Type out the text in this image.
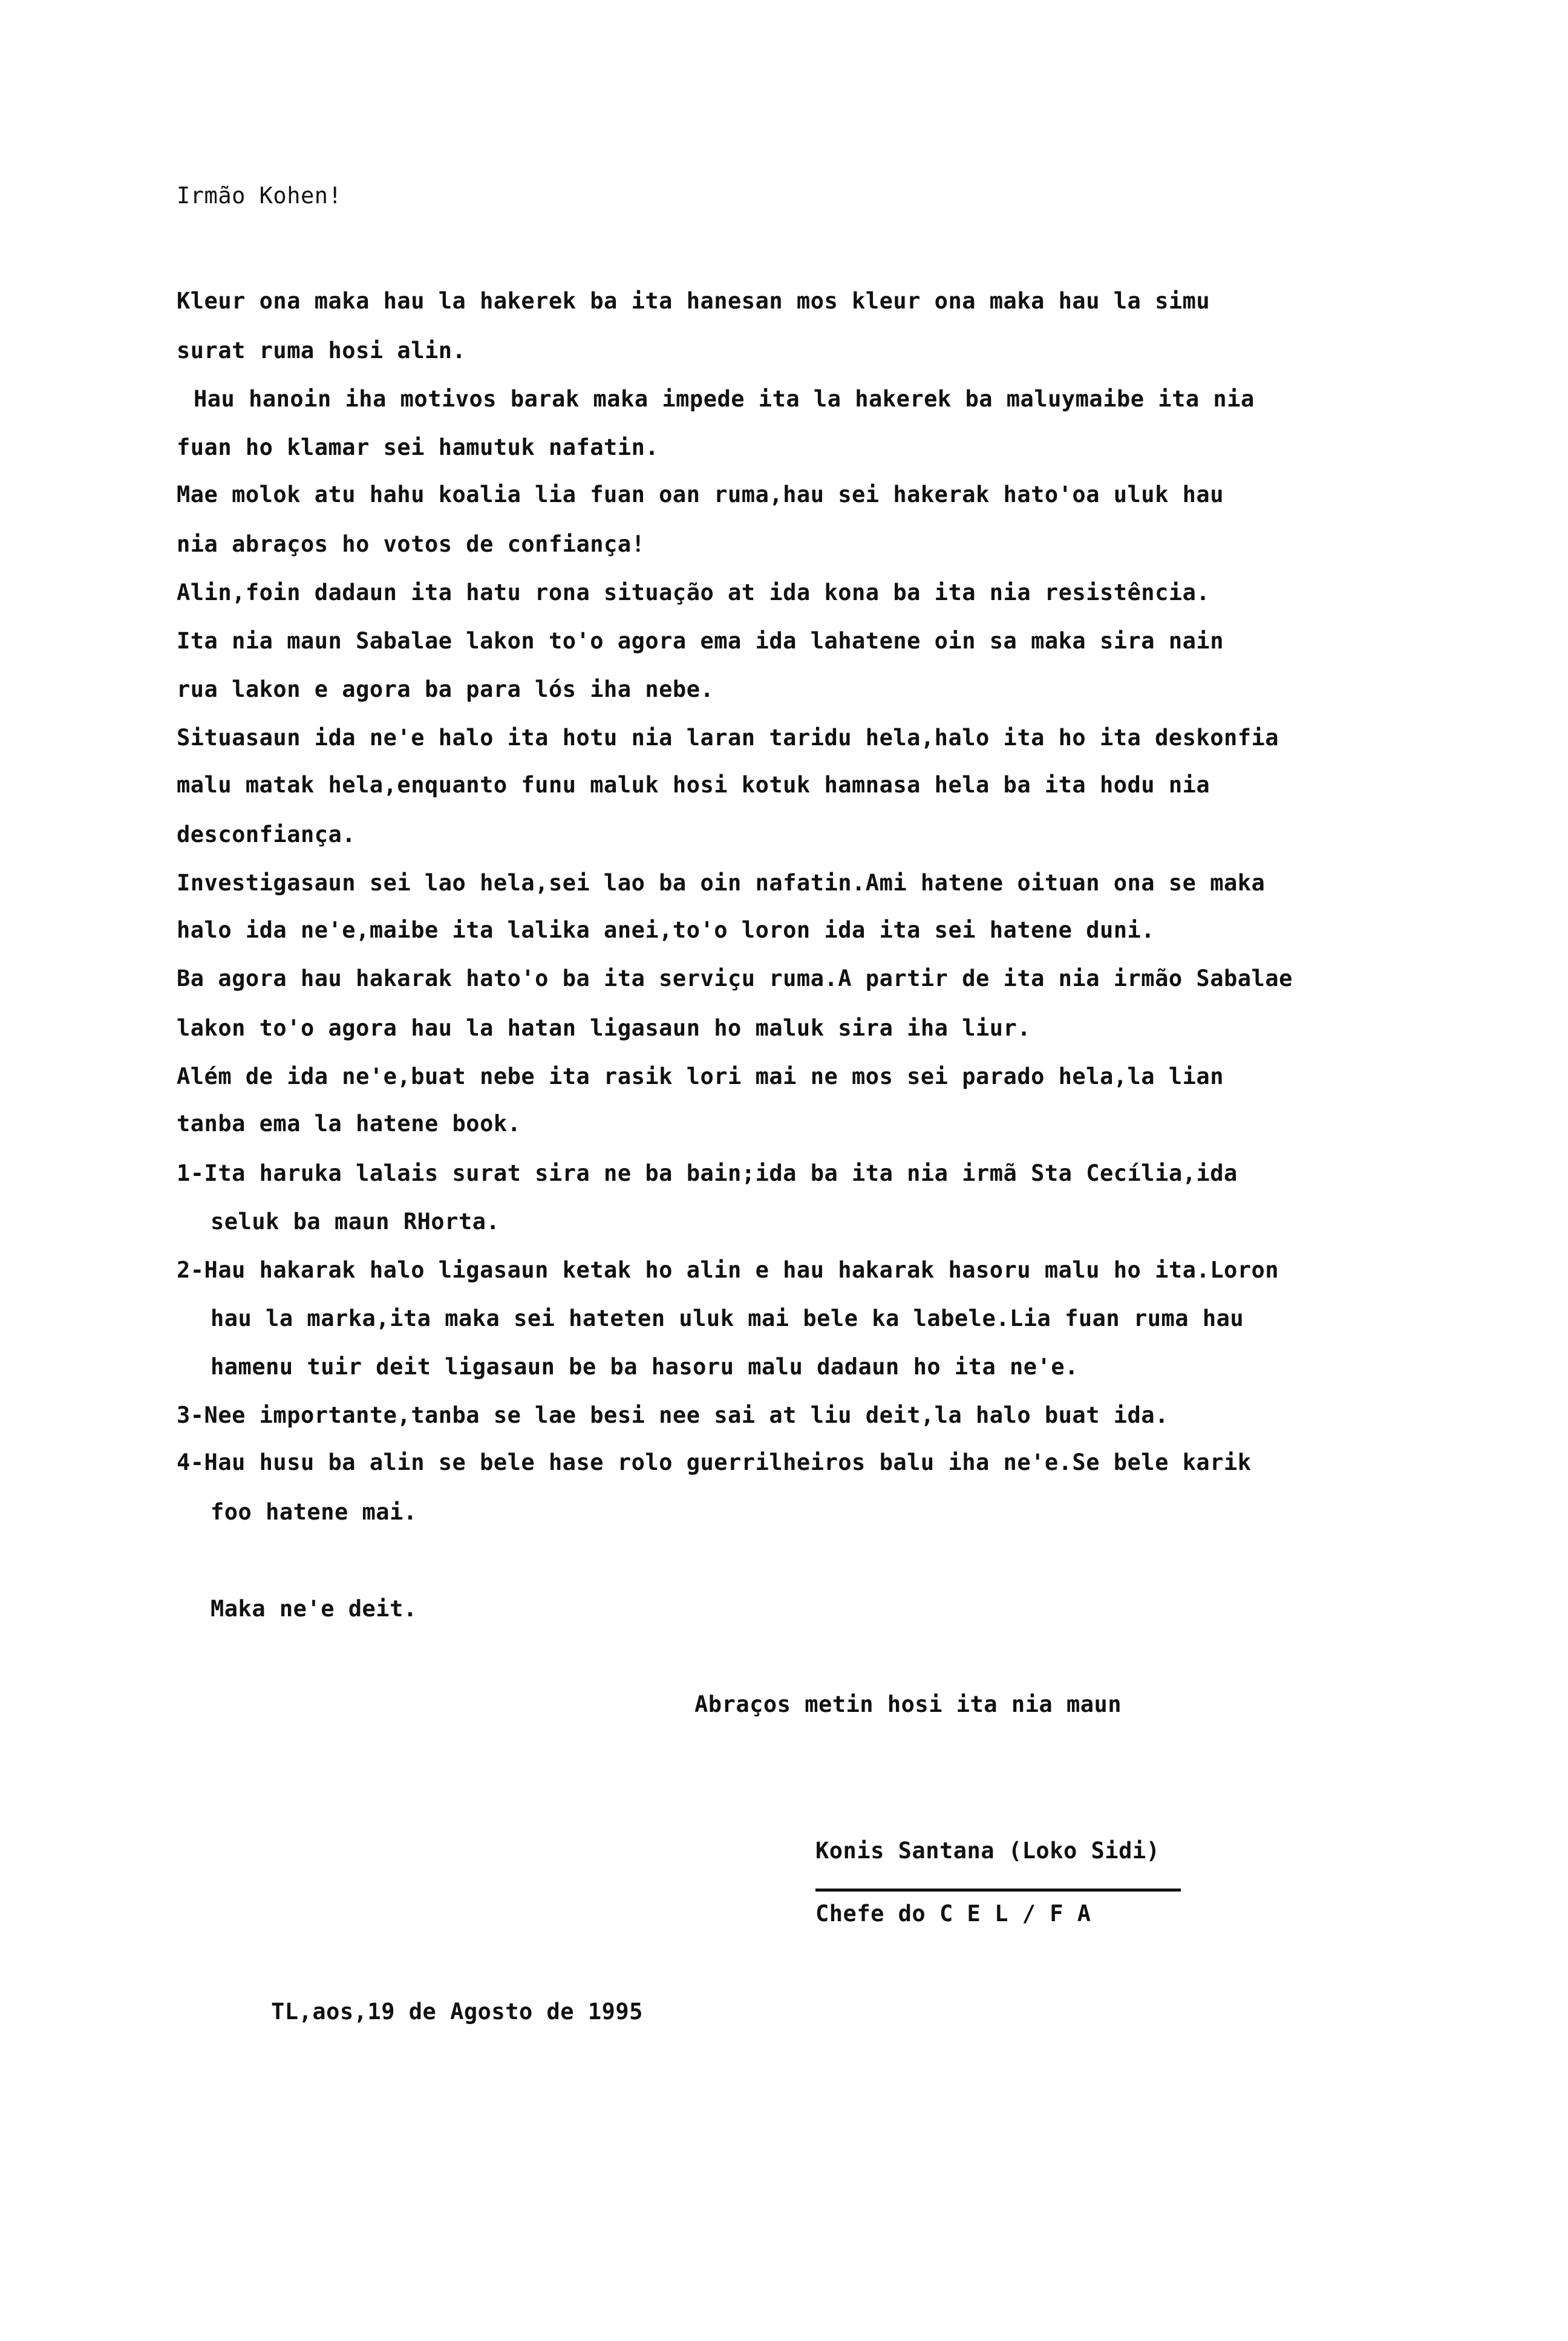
Irmão Kohen!
Kleur ona maka hau la hakerek ba ita hanesan mos kleur ona maka hau la simu
surat ruma hosi alin.
Hau hanoin iha motivos barak maka impede ita la hakerek ba maluymaibe ita nia
fuan ho klamar sei hamutuk nafatin.
Mae molok atu hahu koalia lia fuan oan ruma,hau sei hakerak hato'oa uluk hau
nia abraços ho votos de confiança!
Alin,foin dadaun ita hatu rona situação at ida kona ba ita nia resistência.
Ita nia maun Sabalae lakon to'o agora ema ida lahatene oin sa maka sira nain
rua lakon e agora ba para lós iha nebe.
Situasaun ida ne'e halo ita hotu nia laran taridu hela,halo ita ho ita deskonfia
malu matak hela,enquanto funu maluk hosi kotuk hamnasa hela ba ita hodu nia
desconfiança.
Investigasaun sei lao hela,sei lao ba oin nafatin.Ami hatene oituan ona se maka
halo ida ne'e,maibe ita lalika anei,to'o loron ida ita sei hatene duni.
Ba agora hau hakarak hato'o ba ita serviçu ruma.A partir de ita nia irmão Sabalae
lakon to'o agora hau la hatan ligasaun ho maluk sira iha liur.
Além de ida ne'e,buat nebe ita rasik lori mai ne mos sei parado hela,la lian
tanba ema la hatene book.
1-Ita haruka lalais surat sira ne ba bain;ida ba ita nia irmã Sta Cecília,ida
seluk ba maun RHorta.
2-Hau hakarak halo ligasaun ketak ho alin e hau hakarak hasoru malu ho ita.Loron
hau la marka,ita maka sei hateten uluk mai bele ka labele.Lia fuan ruma hau
hamenu tuir deit ligasaun be ba hasoru malu dadaun ho ita ne'e.
3-Nee importante,tanba se lae besi nee sai at liu deit,la halo buat ida.
4-Hau husu ba alin se bele hase rolo guerrilheiros balu iha ne'e.Se bele karik
foo hatene mai.
Maka ne'e deit.
Abraços metin hosi ita nia maun
Konis Santana (Loko Sidi)
Chefe do C E L / F A
TL,aos,19 de Agosto de 1995
